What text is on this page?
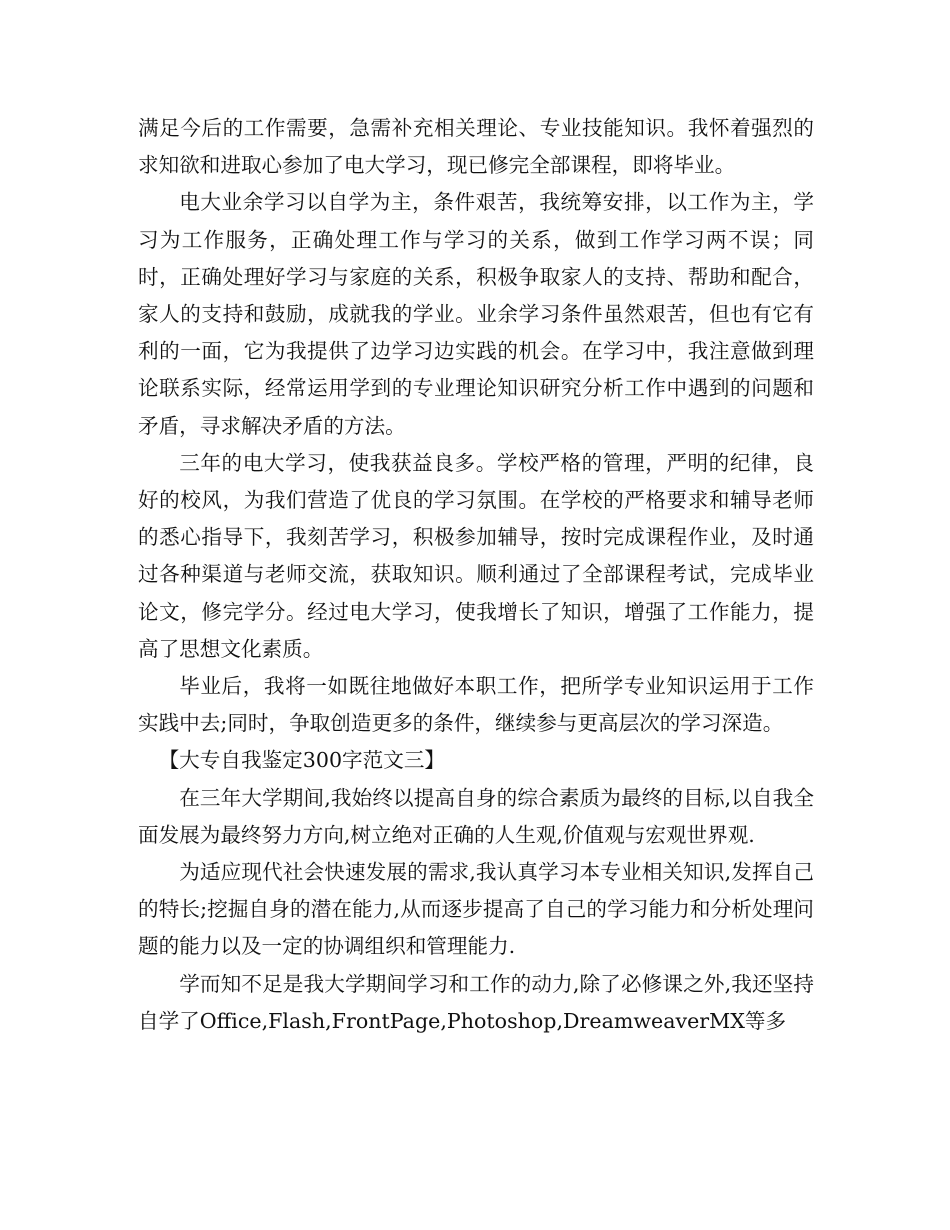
满足今后的工作需要，急需补充相关理论、专业技能知识。我怀着强烈的求知欲和进取心参加了电大学习，现已修完全部课程，即将毕业。

电大业余学习以自学为主，条件艰苦，我统筹安排，以工作为主，学习为工作服务，正确处理工作与学习的关系，做到工作学习两不误；同时，正确处理好学习与家庭的关系，积极争取家人的支持、帮助和配合，家人的支持和鼓励，成就我的学业。业余学习条件虽然艰苦，但也有它有利的一面，它为我提供了边学习边实践的机会。在学习中，我注意做到理论联系实际，经常运用学到的专业理论知识研究分析工作中遇到的问题和矛盾，寻求解决矛盾的方法。

三年的电大学习，使我获益良多。学校严格的管理，严明的纪律，良好的校风，为我们营造了优良的学习氛围。在学校的严格要求和辅导老师的悉心指导下，我刻苦学习，积极参加辅导，按时完成课程作业，及时通过各种渠道与老师交流，获取知识。顺利通过了全部课程考试，完成毕业论文，修完学分。经过电大学习，使我增长了知识，增强了工作能力，提高了思想文化素质。

毕业后，我将一如既往地做好本职工作，把所学专业知识运用于工作实践中去;同时，争取创造更多的条件，继续参与更高层次的学习深造。

【大专自我鉴定300字范文三】

在三年大学期间,我始终以提高自身的综合素质为最终的目标,以自我全面发展为最终努力方向,树立绝对正确的人生观,价值观与宏观世界观.

为适应现代社会快速发展的需求,我认真学习本专业相关知识,发挥自己的特长;挖掘自身的潜在能力,从而逐步提高了自己的学习能力和分析处理问题的能力以及一定的协调组织和管理能力.

学而知不足是我大学期间学习和工作的动力,除了必修课之外,我还坚持自学了Office,Flash,FrontPage,Photoshop,DreamweaverMX等多
